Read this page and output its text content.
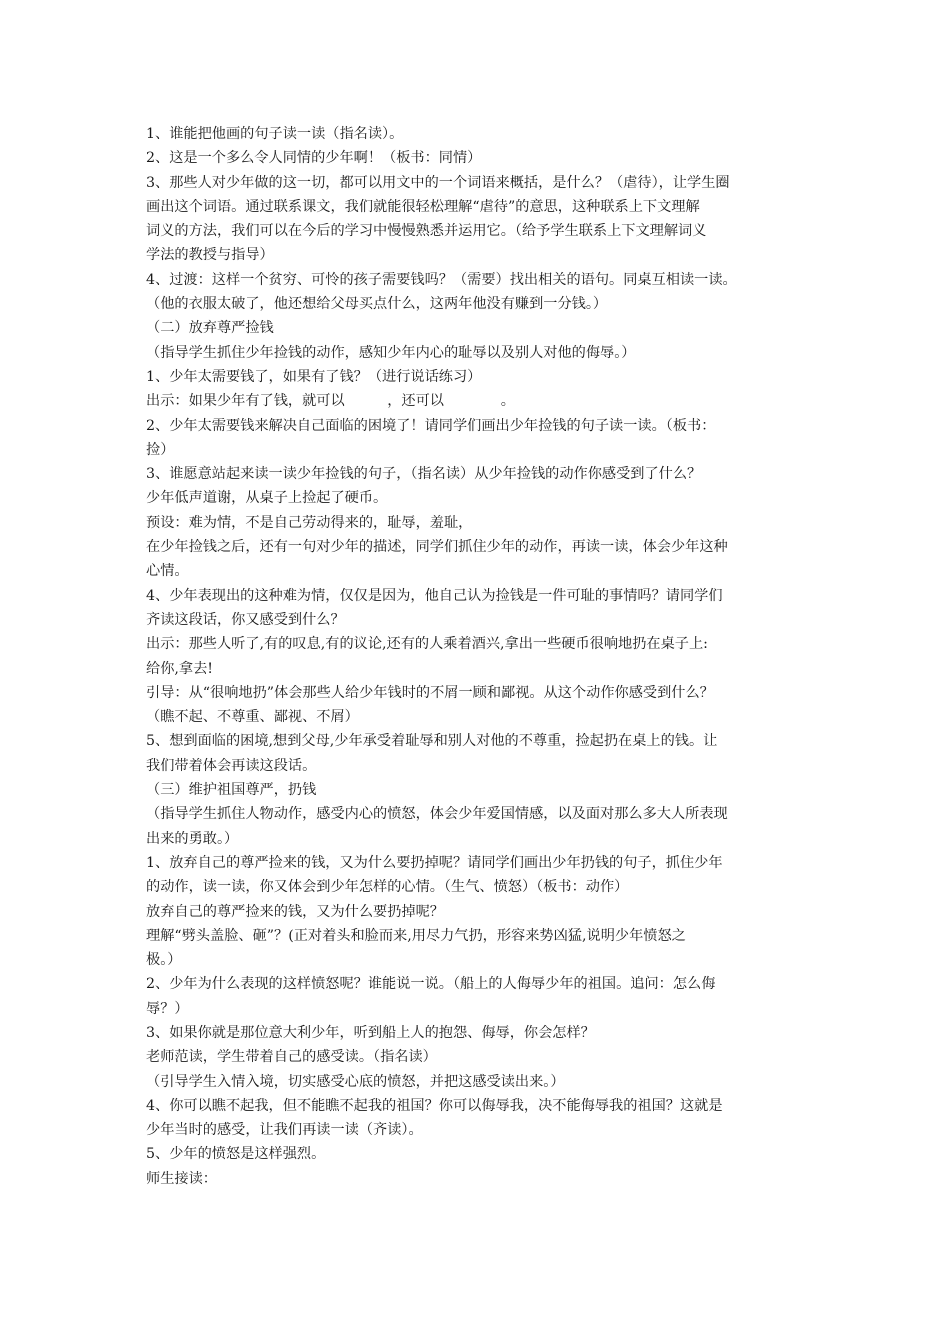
1、谁能把他画的句子读一读（指名读）。
2、这是一个多么令人同情的少年啊！（板书：同情）
3、那些人对少年做的这一切，都可以用文中的一个词语来概括，是什么？（虐待），让学生圈
画出这个词语。通过联系课文，我们就能很轻松理解“虐待”的意思，这种联系上下文理解
词义的方法，我们可以在今后的学习中慢慢熟悉并运用它。（给予学生联系上下文理解词义
学法的教授与指导）
4、过渡：这样一个贫穷、可怜的孩子需要钱吗？（需要）找出相关的语句。同桌互相读一读。
（他的衣服太破了，他还想给父母买点什么，这两年他没有赚到一分钱。）
（二）放弃尊严捡钱
（指导学生抓住少年捡钱的动作，感知少年内心的耻辱以及别人对他的侮辱。）
1、少年太需要钱了，如果有了钱？（进行说话练习）
出示：如果少年有了钱，就可以　　　，还可以　　　　。
2、少年太需要钱来解决自己面临的困境了！请同学们画出少年捡钱的句子读一读。（板书：
捡）
3、谁愿意站起来读一读少年捡钱的句子，（指名读）从少年捡钱的动作你感受到了什么？
少年低声道谢，从桌子上捡起了硬币。
预设：难为情，不是自己劳动得来的，耻辱，羞耻，
在少年捡钱之后，还有一句对少年的描述，同学们抓住少年的动作，再读一读，体会少年这种
心情。
4、少年表现出的这种难为情，仅仅是因为，他自己认为捡钱是一件可耻的事情吗？请同学们
齐读这段话，你又感受到什么？
出示：那些人听了,有的叹息,有的议论,还有的人乘着酒兴,拿出一些硬币很响地扔在桌子上:
给你,拿去!
引导：从“很响地扔”体会那些人给少年钱时的不屑一顾和鄙视。从这个动作你感受到什么？
（瞧不起、不尊重、鄙视、不屑）
5、想到面临的困境,想到父母,少年承受着耻辱和别人对他的不尊重，捡起扔在桌上的钱。让
我们带着体会再读这段话。
（三）维护祖国尊严，扔钱
（指导学生抓住人物动作，感受内心的愤怒，体会少年爱国情感，以及面对那么多大人所表现
出来的勇敢。）
1、放弃自己的尊严捡来的钱，又为什么要扔掉呢？请同学们画出少年扔钱的句子，抓住少年
的动作，读一读，你又体会到少年怎样的心情。（生气、愤怒）（板书：动作）
放弃自己的尊严捡来的钱，又为什么要扔掉呢？
理解“劈头盖脸、砸”？(正对着头和脸而来,用尽力气扔，形容来势凶猛,说明少年愤怒之
极。）
2、少年为什么表现的这样愤怒呢？谁能说一说。（船上的人侮辱少年的祖国。追问：怎么侮
辱？）
3、如果你就是那位意大利少年，听到船上人的抱怨、侮辱，你会怎样？
老师范读，学生带着自己的感受读。（指名读）
（引导学生入情入境，切实感受心底的愤怒，并把这感受读出来。）
4、你可以瞧不起我，但不能瞧不起我的祖国？你可以侮辱我，决不能侮辱我的祖国？这就是
少年当时的感受，让我们再读一读（齐读）。
5、少年的愤怒是这样强烈。
师生接读：
